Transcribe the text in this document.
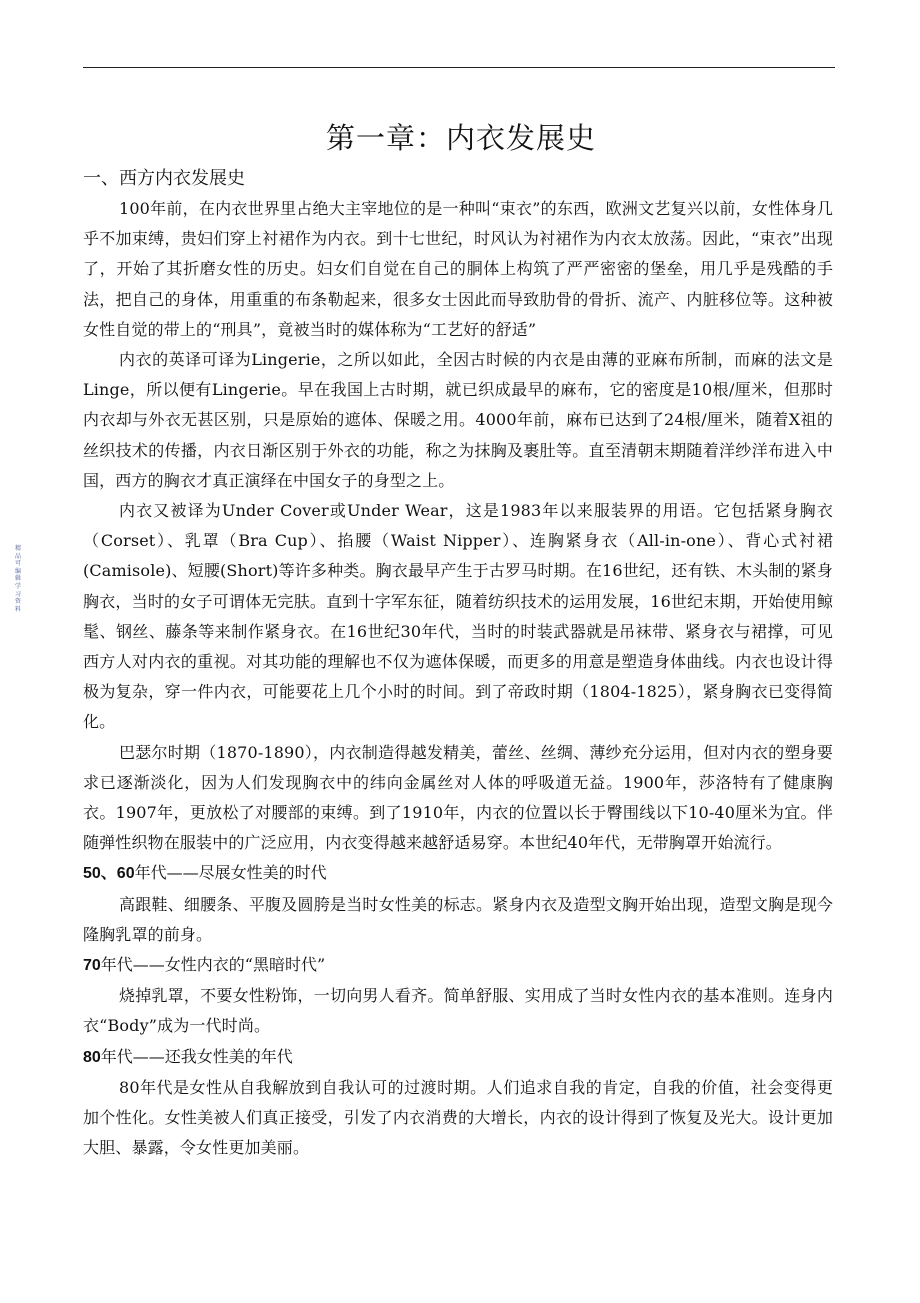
精品可编辑学习资料
第一章：内衣发展史
一、西方内衣发展史

100年前，在内衣世界里占绝大主宰地位的是一种叫“束衣”的东西，欧洲文艺复兴以前，女性体身几乎不加束缚，贵妇们穿上衬裙作为内衣。到十七世纪，时风认为衬裙作为内衣太放荡。因此，“束衣”出现了，开始了其折磨女性的历史。妇女们自觉在自己的胴体上构筑了严严密密的堡垒，用几乎是残酷的手法，把自己的身体，用重重的布条勒起来，很多女士因此而导致肋骨的骨折、流产、内脏移位等。这种被女性自觉的带上的“刑具”，竟被当时的媒体称为“工艺好的舒适”

内衣的英译可译为Lingerie，之所以如此，全因古时候的内衣是由薄的亚麻布所制，而麻的法文是Linge，所以便有Lingerie。早在我国上古时期，就已织成最早的麻布，它的密度是10根/厘米，但那时内衣却与外衣无甚区别，只是原始的遮体、保暖之用。4000年前，麻布已达到了24根/厘米，随着X祖的丝织技术的传播，内衣日渐区别于外衣的功能，称之为抹胸及裹肚等。直至清朝末期随着洋纱洋布进入中国，西方的胸衣才真正演绎在中国女子的身型之上。

内衣又被译为Under Cover或Under Wear，这是1983年以来服装界的用语。它包括紧身胸衣（Corset）、乳罩（Bra Cup）、掐腰（Waist Nipper）、连胸紧身衣（All-in-one）、背心式衬裙(Camisole)、短腰(Short)等许多种类。胸衣最早产生于古罗马时期。在16世纪，还有铁、木头制的紧身胸衣，当时的女子可谓体无完肤。直到十字军东征，随着纺织技术的运用发展，16世纪末期，开始使用鲸髦、钢丝、藤条等来制作紧身衣。在16世纪30年代，当时的时装武器就是吊袜带、紧身衣与裙撑，可见西方人对内衣的重视。对其功能的理解也不仅为遮体保暖，而更多的用意是塑造身体曲线。内衣也设计得极为复杂，穿一件内衣，可能要花上几个小时的时间。到了帝政时期（1804-1825），紧身胸衣已变得简化。

巴瑟尔时期（1870-1890），内衣制造得越发精美，蕾丝、丝绸、薄纱充分运用，但对内衣的塑身要求已逐渐淡化，因为人们发现胸衣中的纬向金属丝对人体的呼吸道无益。1900年，莎洛特有了健康胸衣。1907年，更放松了对腰部的束缚。到了1910年，内衣的位置以长于臀围线以下10-40厘米为宜。伴随弹性织物在服装中的广泛应用，内衣变得越来越舒适易穿。本世纪40年代，无带胸罩开始流行。

50、60年代——尽展女性美的时代

高跟鞋、细腰条、平腹及圆胯是当时女性美的标志。紧身内衣及造型文胸开始出现，造型文胸是现今隆胸乳罩的前身。

70年代——女性内衣的“黑暗时代”

烧掉乳罩，不要女性粉饰，一切向男人看齐。简单舒服、实用成了当时女性内衣的基本准则。连身内衣“Body”成为一代时尚。

80年代——还我女性美的年代

80年代是女性从自我解放到自我认可的过渡时期。人们追求自我的肯定，自我的价值，社会变得更加个性化。女性美被人们真正接受，引发了内衣消费的大增长，内衣的设计得到了恢复及光大。设计更加大胆、暴露，令女性更加美丽。
